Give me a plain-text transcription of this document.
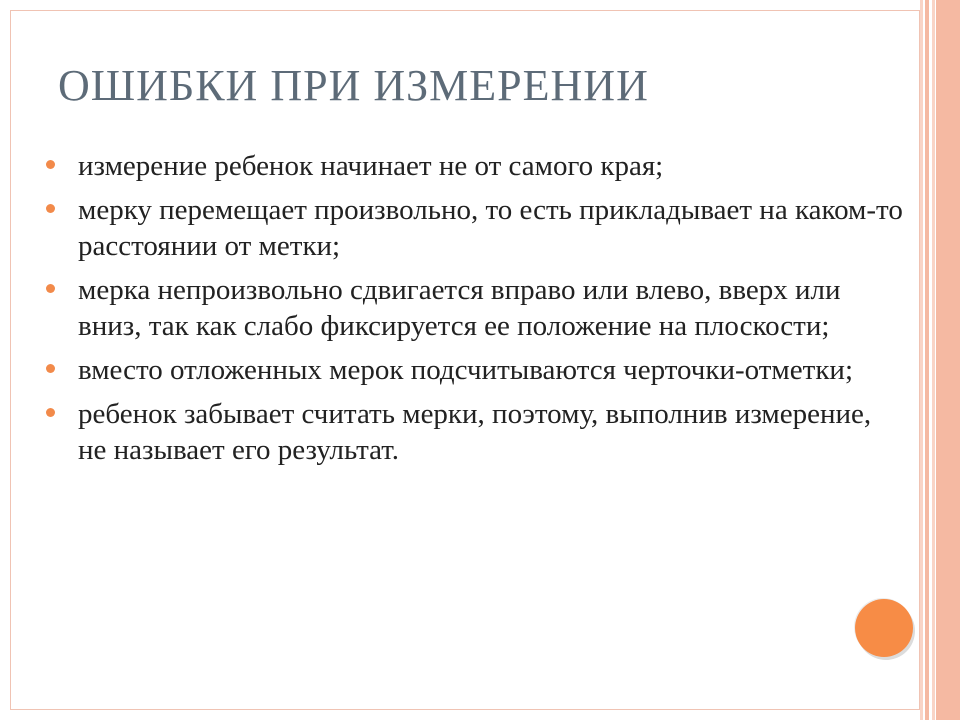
ОШИБКИ ПРИ ИЗМЕРЕНИИ
измерение ребенок начинает не от самого края;
мерку перемещает произвольно, то есть прикладывает на каком-то расстоянии от метки;
мерка непроизвольно сдвигается вправо или влево, вверх или вниз, так как слабо фиксируется ее положение на плоскости;
вместо отложенных мерок подсчитываются черточки-отметки;
ребенок забывает считать мерки, поэтому, выполнив измерение, не называет его результат.
